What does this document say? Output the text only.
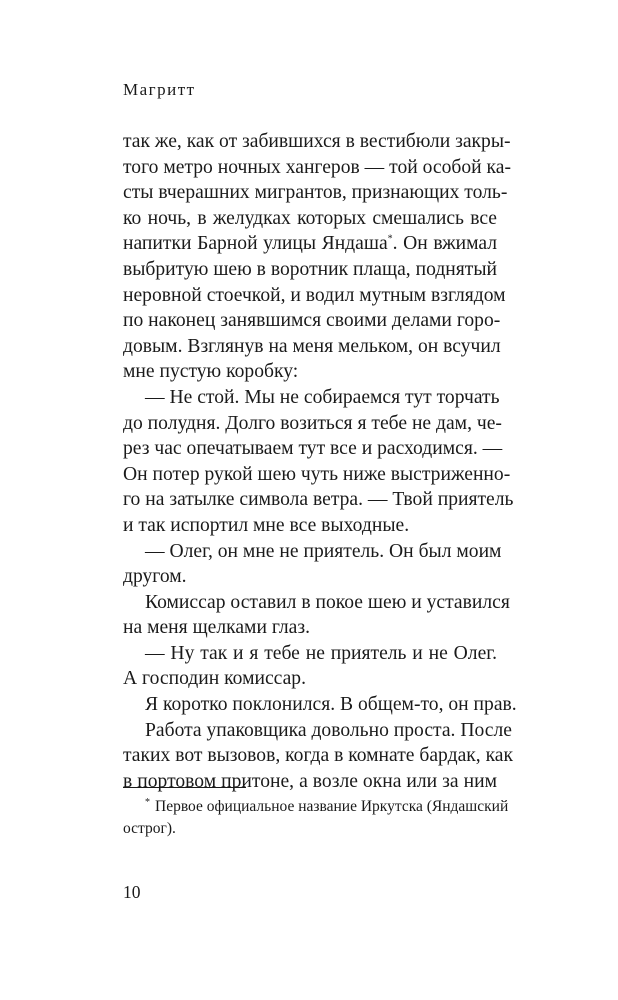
Магритт
так же, как от забившихся в вестибюли закры-
того метро ночных хангеров — той особой ка-
сты вчерашних мигрантов, признающих толь-
ко ночь, в желудках которых смешались все
напитки Барной улицы Яндаша*. Он вжимал
выбритую шею в воротник плаща, поднятый
неровной стоечкой, и водил мутным взглядом
по наконец занявшимся своими делами горо-
довым. Взглянув на меня мельком, он всучил
мне пустую коробку:
— Не стой. Мы не собираемся тут торчать
до полудня. Долго возиться я тебе не дам, че-
рез час опечатываем тут все и расходимся. —
Он потер рукой шею чуть ниже выстриженно-
го на затылке символа ветра. — Твой приятель
и так испортил мне все выходные.
— Олег, он мне не приятель. Он был моим
другом.
Комиссар оставил в покое шею и уставился
на меня щелками глаз.
— Ну так и я тебе не приятель и не Олег.
А господин комиссар.
Я коротко поклонился. В общем-то, он прав.
Работа упаковщика довольно проста. После
таких вот вызовов, когда в комнате бардак, как
в портовом притоне, а возле окна или за ним
* Первое официальное название Иркутска (Яндашский
острог).
10
